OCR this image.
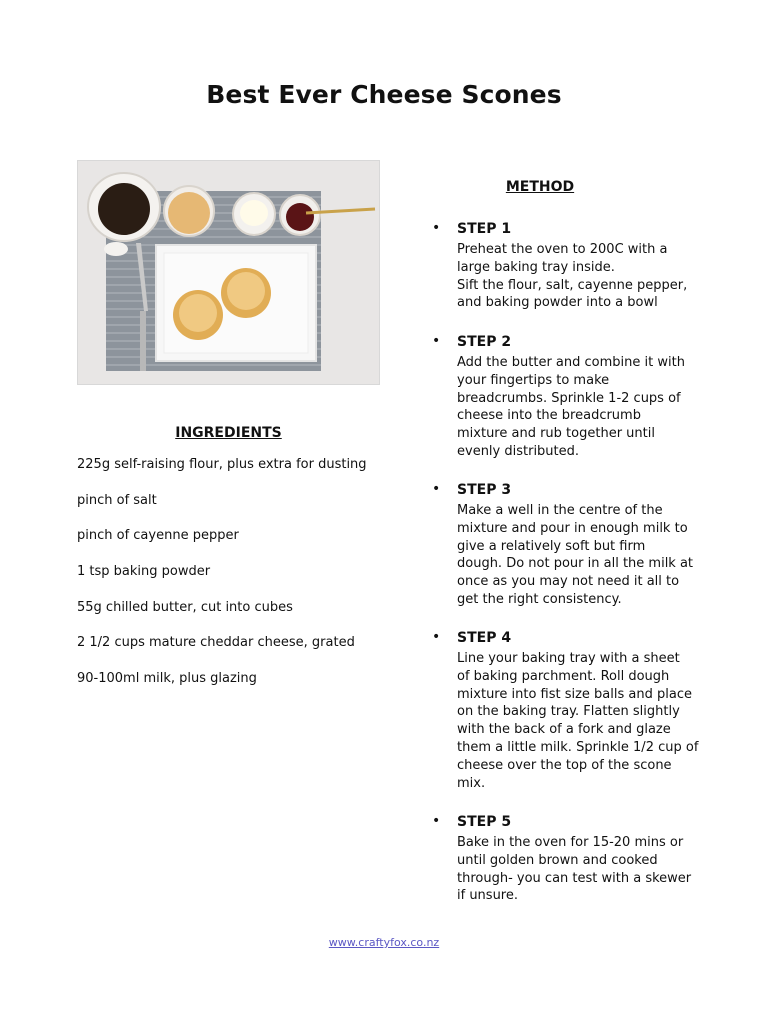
Best Ever Cheese Scones
INGREDIENTS
225g self-raising flour, plus extra for dusting
pinch of salt
pinch of cayenne pepper
1 tsp baking powder
55g chilled butter, cut into cubes
2 1/2 cups mature cheddar cheese, grated
90-100ml milk, plus glazing
METHOD
• STEP 1
Preheat the oven to 200C with a
large baking tray inside.
Sift the flour, salt, cayenne pepper,
and baking powder into a bowl
• STEP 2
Add the butter and combine it with
your fingertips to make
breadcrumbs. Sprinkle 1-2 cups of
cheese into the breadcrumb
mixture and rub together until
evenly distributed.
• STEP 3
Make a well in the centre of the
mixture and pour in enough milk to
give a relatively soft but firm
dough. Do not pour in all the milk at
once as you may not need it all to
get the right consistency.
• STEP 4
Line your baking tray with a sheet
of baking parchment. Roll dough
mixture into fist size balls and place
on the baking tray. Flatten slightly
with the back of a fork and glaze
them a little milk. Sprinkle 1/2 cup of
cheese over the top of the scone
mix.
• STEP 5
Bake in the oven for 15-20 mins or
until golden brown and cooked
through- you can test with a skewer
if unsure.
www.craftyfox.co.nz
